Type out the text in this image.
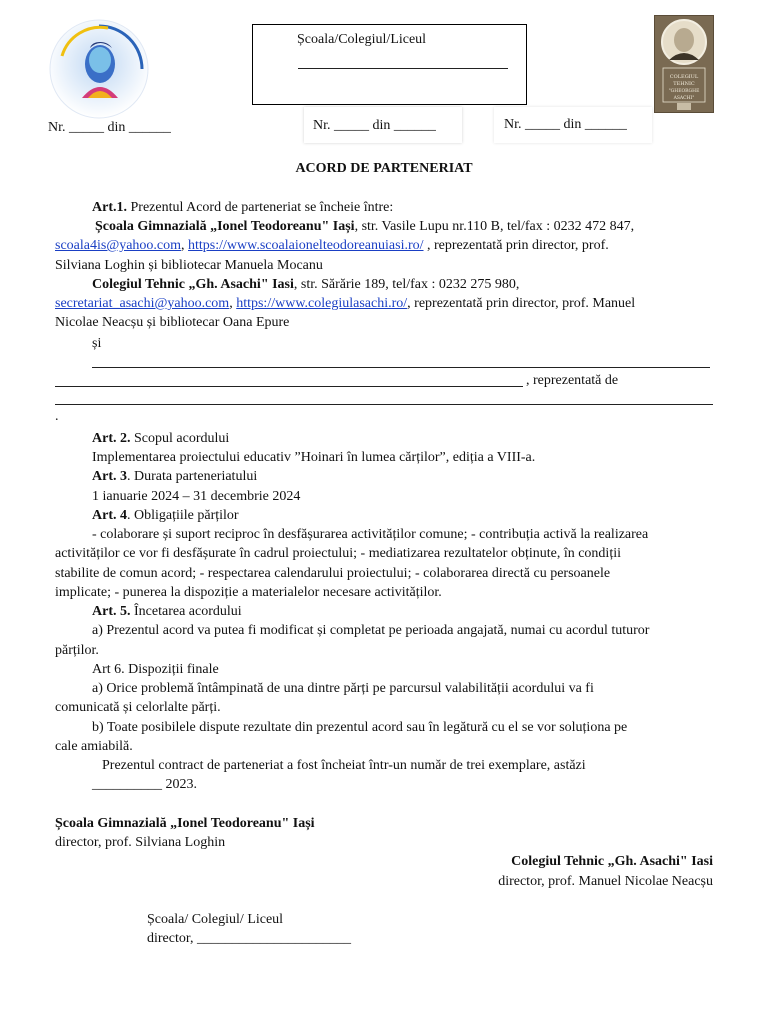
Școala/Colegiul/Liceul
COLEGIUL
TEHNIC
"GHEORGHE
ASACHI"
Nr. _____ din ______	Nr. _____ din ______	Nr. _____ din ______
ACORD DE PARTENERIAT
Art.1. Prezentul Acord de parteneriat se încheie între:
Școala Gimnazială „Ionel Teodoreanu" Iași, str. Vasile Lupu nr.110 B, tel/fax : 0232 472 847,
scoala4is@yahoo.com, https://www.scoalaionelteodoreanuiasi.ro/ , reprezentată prin director, prof.
Silviana Loghin și bibliotecar Manuela Mocanu
Colegiul Tehnic „Gh. Asachi" Iasi, str. Sărărie 189, tel/fax : 0232 275 980,
secretariat_asachi@yahoo.com, https://www.colegiulasachi.ro/, reprezentată prin director, prof. Manuel
Nicolae Neacșu și bibliotecar Oana Epure
și
, reprezentată de
.
Art. 2. Scopul acordului
Implementarea proiectului educativ ”Hoinari în lumea cărților”, ediția a VIII-a.
Art. 3. Durata parteneriatului
1 ianuarie 2024 – 31 decembrie 2024
Art. 4. Obligațiile părților
- colaborare și suport reciproc în desfășurarea activităților comune; - contribuția activă la realizarea
activităților ce vor fi desfășurate în cadrul proiectului; - mediatizarea rezultatelor obținute, în condiții
stabilite de comun acord; - respectarea calendarului proiectului; - colaborarea directă cu persoanele
implicate; - punerea la dispoziție a materialelor necesare activităților.
Art. 5. Încetarea acordului
a) Prezentul acord va putea fi modificat și completat pe perioada angajată, numai cu acordul tuturor
părților.
Art 6. Dispoziții finale
a) Orice problemă întâmpinată de una dintre părți pe parcursul valabilității acordului va fi
comunicată și celorlalte părți.
b) Toate posibilele dispute rezultate din prezentul acord sau în legătură cu el se vor soluționa pe
cale amiabilă.
Prezentul contract de parteneriat a fost încheiat într-un număr de trei exemplare, astăzi
__________ 2023.
Școala Gimnazială „Ionel Teodoreanu" Iași
director, prof. Silviana Loghin
Colegiul Tehnic „Gh. Asachi" Iasi
director, prof. Manuel Nicolae Neacșu
Școala/ Colegiul/ Liceul
director, ______________________
